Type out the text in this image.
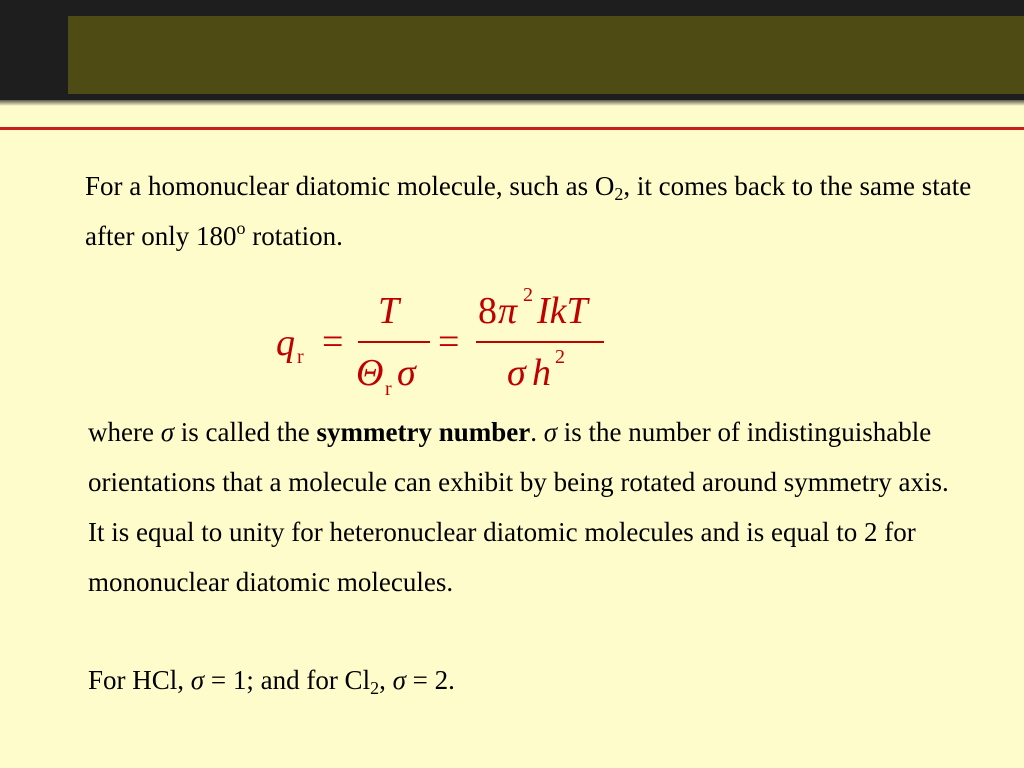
For a homonuclear diatomic molecule, such as $O_2$, it comes back to the same state after only 180$^o$ rotation.

q r =
T
Θ r σ
=
8 π 2 IkT
σ h 2

where σ is called the symmetry number. σ is the number of indistinguishable orientations that a molecule can exhibit by being rotated around symmetry axis. It is equal to unity for heteronuclear diatomic molecules and is equal to 2 for mononuclear diatomic molecules.

For HCl, σ = 1; and for $Cl_2$, σ = 2.
